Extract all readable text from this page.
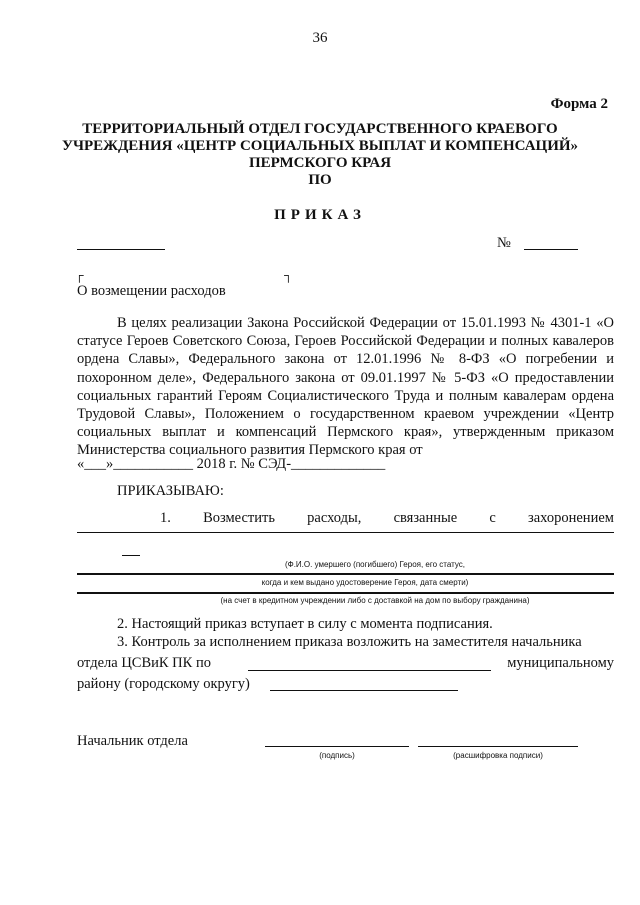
36
Форма 2
ТЕРРИТОРИАЛЬНЫЙ ОТДЕЛ ГОСУДАРСТВЕННОГО КРАЕВОГО
УЧРЕЖДЕНИЯ «ЦЕНТР СОЦИАЛЬНЫХ ВЫПЛАТ И КОМПЕНСАЦИЙ»
ПЕРМСКОГО КРАЯ
ПО
ПРИКАЗ
№
┌	┐
О возмещении расходов
В целях реализации Закона Российской Федерации от 15.01.1993 № 4301-1 «О статусе Героев Советского Союза, Героев Российской Федерации и полных кавалеров ордена Славы», Федерального закона от 12.01.1996 № 8-ФЗ «О погребении и похоронном деле», Федерального закона от 09.01.1997 № 5-ФЗ «О предоставлении социальных гарантий Героям Социалистического Труда и полным кавалерам ордена Трудовой Славы», Положением о государственном краевом учреждении «Центр социальных выплат и компенсаций Пермского края», утвержденным приказом Министерства социального развития Пермского края от
«___»___________ 2018 г. № СЭД-_____________
ПРИКАЗЫВАЮ:
1. Возместить расходы, связанные с захоронением
(Ф.И.О. умершего (погибшего) Героя, его статус,
когда и кем выдано удостоверение Героя, дата смерти)
(на счет в кредитном учреждении либо с доставкой на дом по выбору гражданина)
2. Настоящий приказ вступает в силу с момента подписания.
3. Контроль за исполнением приказа возложить на заместителя начальника
отдела ЦСВиК ПК по	муниципальному
району (городскому округу)
Начальник отдела
(подпись)	(расшифровка подписи)
